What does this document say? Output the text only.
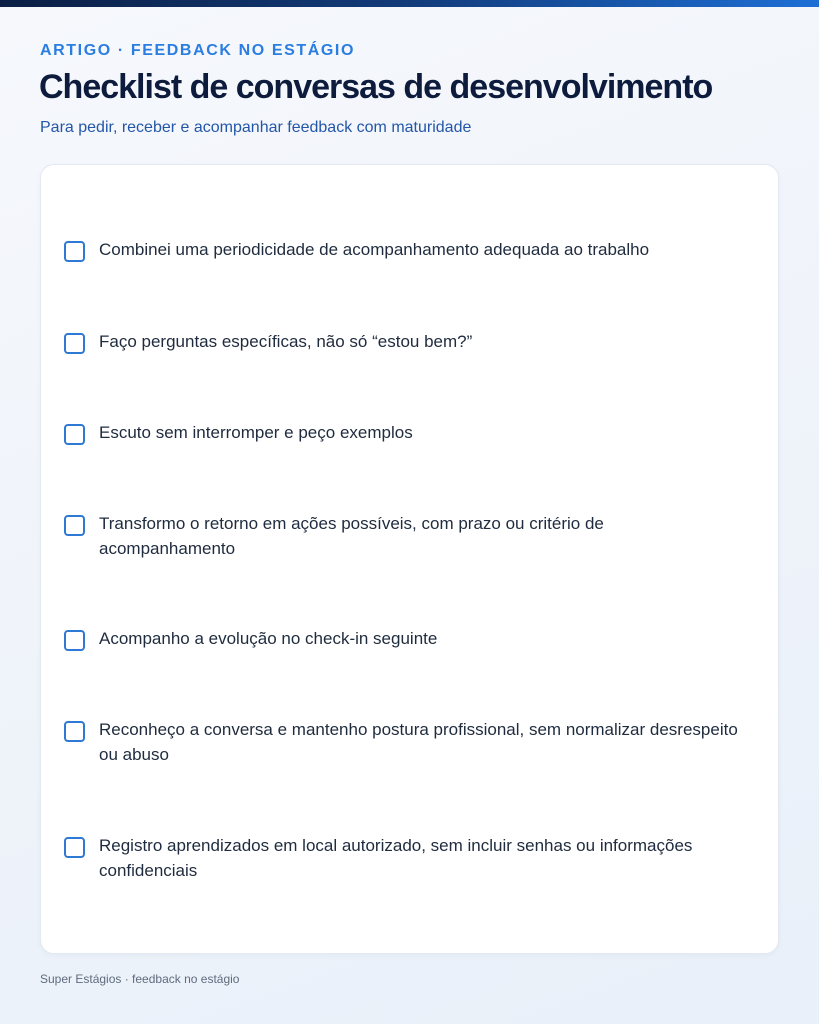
ARTIGO · FEEDBACK NO ESTÁGIO
Checklist de conversas de desenvolvimento
Para pedir, receber e acompanhar feedback com maturidade
Combinei uma periodicidade de acompanhamento adequada ao trabalho
Faço perguntas específicas, não só “estou bem?”
Escuto sem interromper e peço exemplos
Transformo o retorno em ações possíveis, com prazo ou critério de acompanhamento
Acompanho a evolução no check-in seguinte
Reconheço a conversa e mantenho postura profissional, sem normalizar desrespeito ou abuso
Registro aprendizados em local autorizado, sem incluir senhas ou informações confidenciais
Super Estágios · feedback no estágio
